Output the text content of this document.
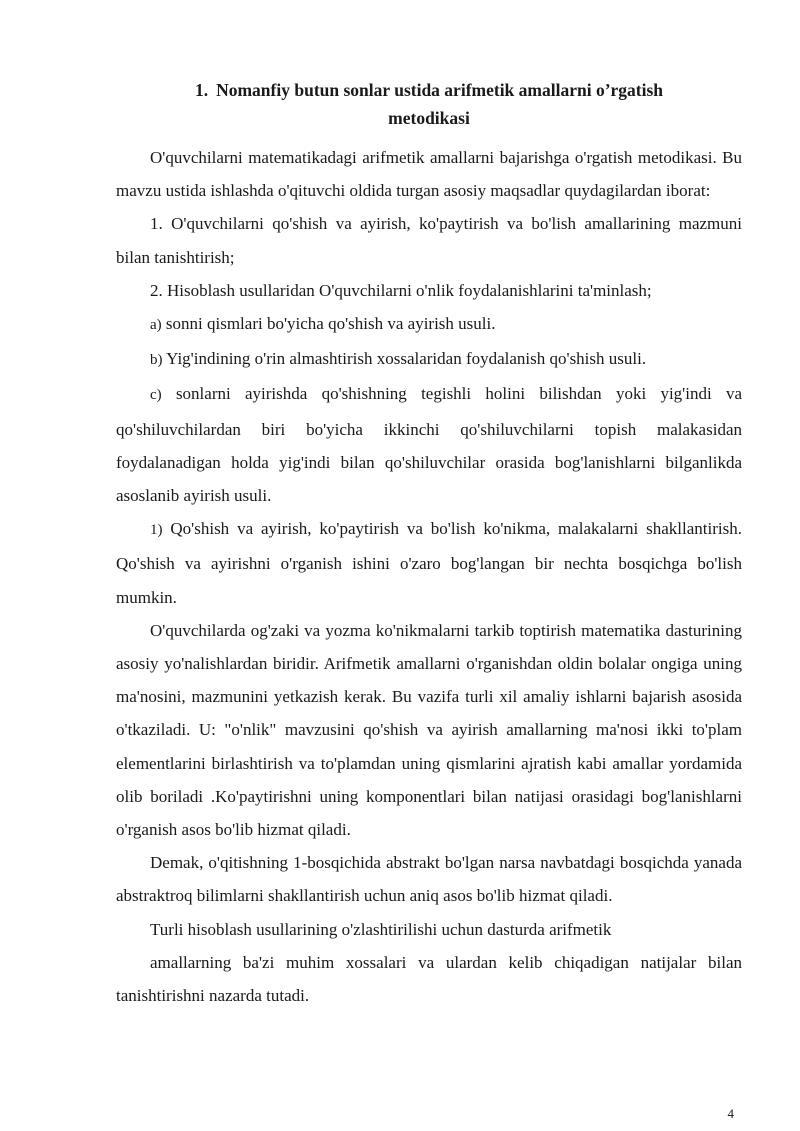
1. Nomanfiy butun sonlar ustida arifmetik amallarni o’rgatish
metodikasi

O'quvchilarni matematikadagi arifmetik amallarni bajarishga o'rgatish metodikasi. Bu mavzu ustida ishlashda o'qituvchi oldida turgan asosiy maqsadlar quydagilardan iborat:

1. O'quvchilarni qo'shish va ayirish, ko'paytirish va bo'lish amallarining mazmuni bilan tanishtirish;

2. Hisoblash usullaridan O'quvchilarni o'nlik foydalanishlarini ta'minlash;

a) sonni qismlari bo'yicha qo'shish va ayirish usuli.

b) Yig'indining o'rin almashtirish xossalaridan foydalanish qo'shish usuli.

c) sonlarni ayirishda qo'shishning tegishli holini bilishdan yoki yig'indi va qo'shiluvchilardan biri bo'yicha ikkinchi qo'shiluvchilarni topish malakasidan foydalanadigan holda yig'indi bilan qo'shiluvchilar orasida bog'lanishlarni bilganlikda asoslanib ayirish usuli.

1) Qo'shish va ayirish, ko'paytirish va bo'lish ko'nikma, malakalarni shakllantirish. Qo'shish va ayirishni o'rganish ishini o'zaro bog'langan bir nechta bosqichga bo'lish mumkin.

O'quvchilarda og'zaki va yozma ko'nikmalarni tarkib toptirish matematika dasturining asosiy yo'nalishlardan biridir. Arifmetik amallarni o'rganishdan oldin bolalar ongiga uning ma'nosini, mazmunini yetkazish kerak. Bu vazifa turli xil amaliy ishlarni bajarish asosida o'tkaziladi. U: "o'nlik" mavzusini qo'shish va ayirish amallarning ma'nosi ikki to'plam elementlarini birlashtirish va to'plamdan uning qismlarini ajratish kabi amallar yordamida olib boriladi .Ko'paytirishni uning komponentlari bilan natijasi orasidagi bog'lanishlarni o'rganish asos bo'lib hizmat qiladi.

Demak, o'qitishning 1-bosqichida abstrakt bo'lgan narsa navbatdagi bosqichda yanada abstraktroq bilimlarni shakllantirish uchun aniq asos bo'lib hizmat qiladi.

Turli hisoblash usullarining o'zlashtirilishi uchun dasturda arifmetik

amallarning ba'zi muhim xossalari va ulardan kelib chiqadigan natijalar bilan tanishtirishni nazarda tutadi.

4
